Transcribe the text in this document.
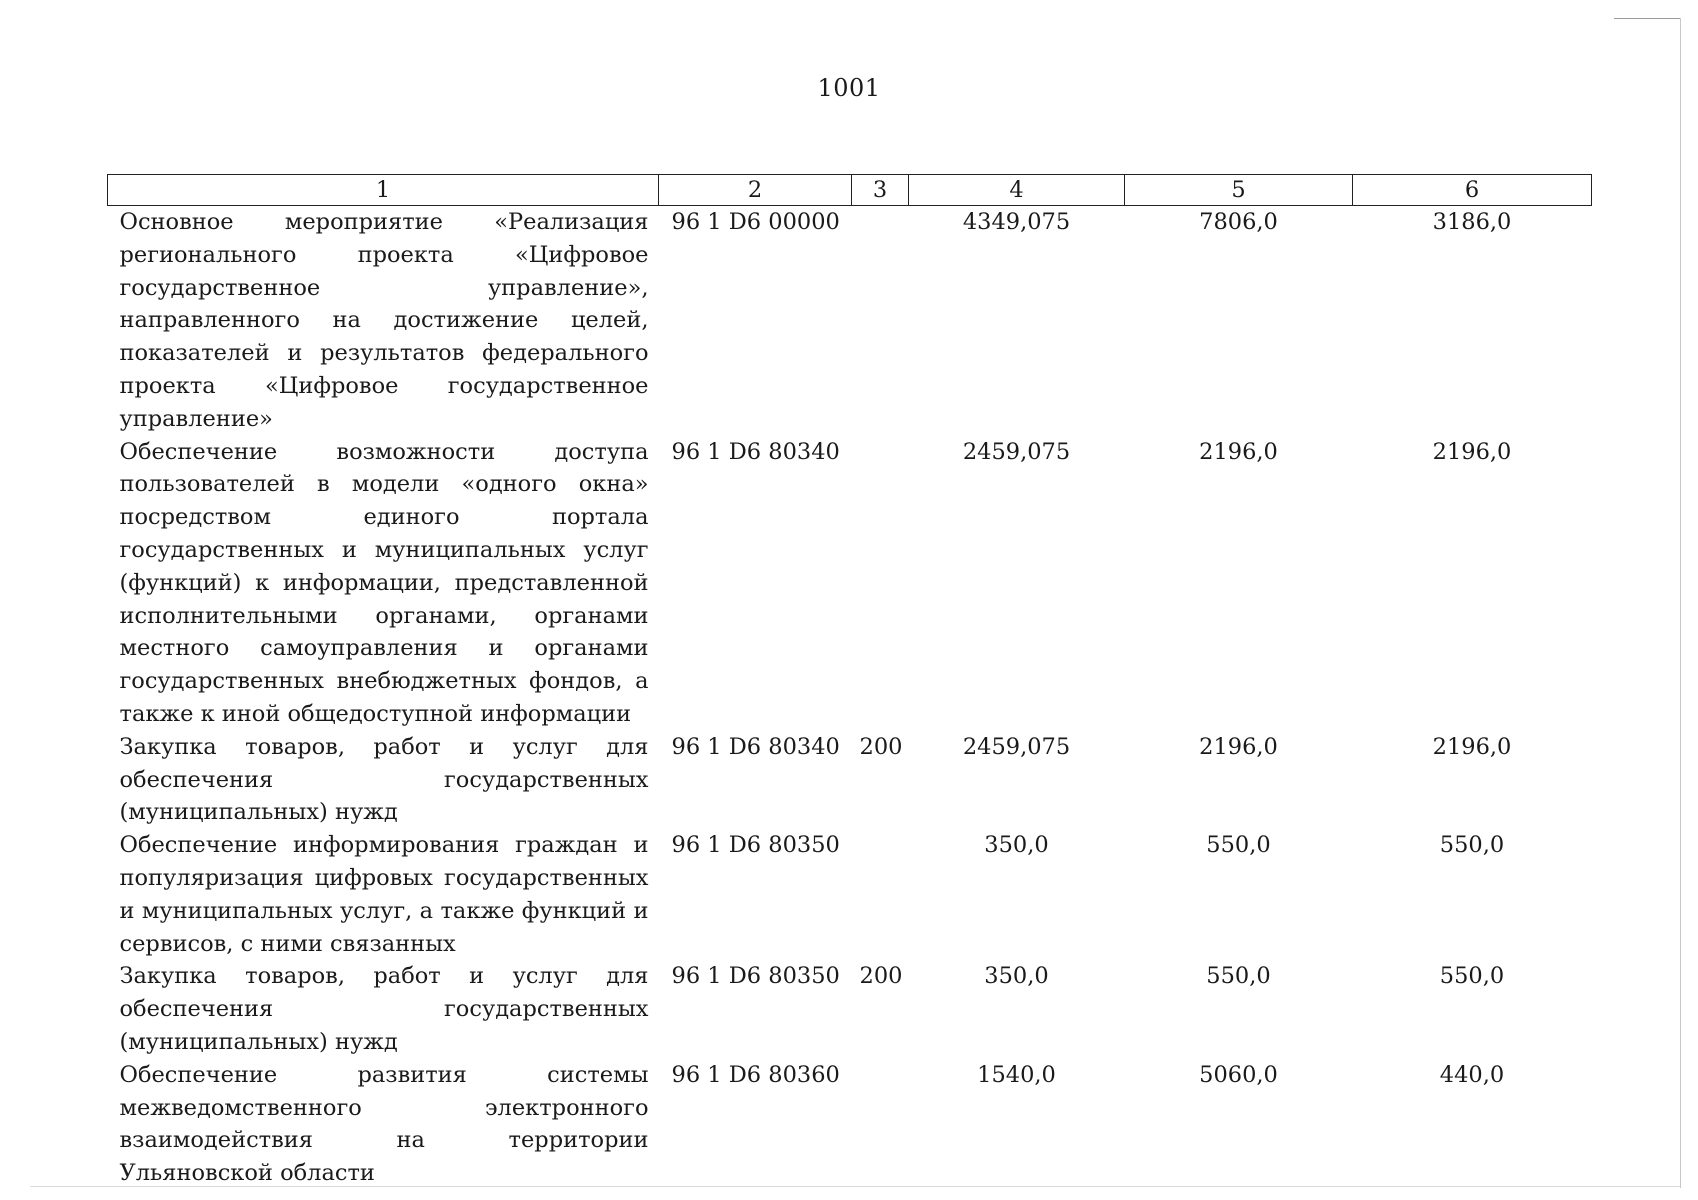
1001
1	2	3	4	5	6
Основное мероприятие «Реализация регионального проекта «Цифровое государственное управление», направленного на достижение целей, показателей и результатов федерального проекта «Цифровое государственное управление»	96 1 D6 00000		4349,075	7806,0	3186,0
Обеспечение возможности доступа пользователей в модели «одного окна» посредством единого портала государственных и муниципальных услуг (функций) к информации, представленной исполнительными органами, органами местного самоуправления и органами государственных внебюджетных фондов, а также к иной общедоступной информации	96 1 D6 80340		2459,075	2196,0	2196,0
Закупка товаров, работ и услуг для обеспечения государственных (муниципальных) нужд	96 1 D6 80340	200	2459,075	2196,0	2196,0
Обеспечение информирования граждан и популяризация цифровых государственных и муниципальных услуг, а также функций и сервисов, с ними связанных	96 1 D6 80350		350,0	550,0	550,0
Закупка товаров, работ и услуг для обеспечения государственных (муниципальных) нужд	96 1 D6 80350	200	350,0	550,0	550,0
Обеспечение развития системы межведомственного электронного взаимодействия на территории Ульяновской области	96 1 D6 80360		1540,0	5060,0	440,0
